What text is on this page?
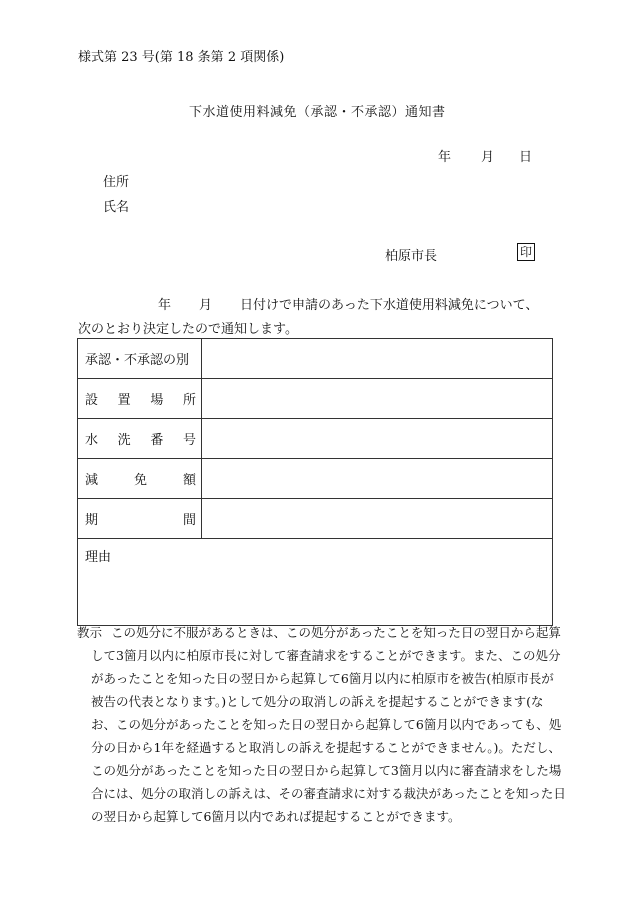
様式第 23 号(第 18 条第 2 項関係)
下水道使用料減免（承認・不承認）通知書
年 月 日
住所
氏名
柏原市長	印
年 月 日付けで申請のあった下水道使用料減免について、
次のとおり決定したので通知します。
承認・不承認の別	

設 置 場 所	

水 洗 番 号	

減 免 額	

期 間	

理由	
教示 この処分に不服があるときは、この処分があったことを知った日の翌日から起算
して3箇月以内に柏原市長に対して審査請求をすることができます。また、この処分
があったことを知った日の翌日から起算して6箇月以内に柏原市を被告(柏原市長が
被告の代表となります。)として処分の取消しの訴えを提起することができます(な
お、この処分があったことを知った日の翌日から起算して6箇月以内であっても、処
分の日から1年を経過すると取消しの訴えを提起することができません。)。ただし、
この処分があったことを知った日の翌日から起算して3箇月以内に審査請求をした場
合には、処分の取消しの訴えは、その審査請求に対する裁決があったことを知った日
の翌日から起算して6箇月以内であれば提起することができます。
